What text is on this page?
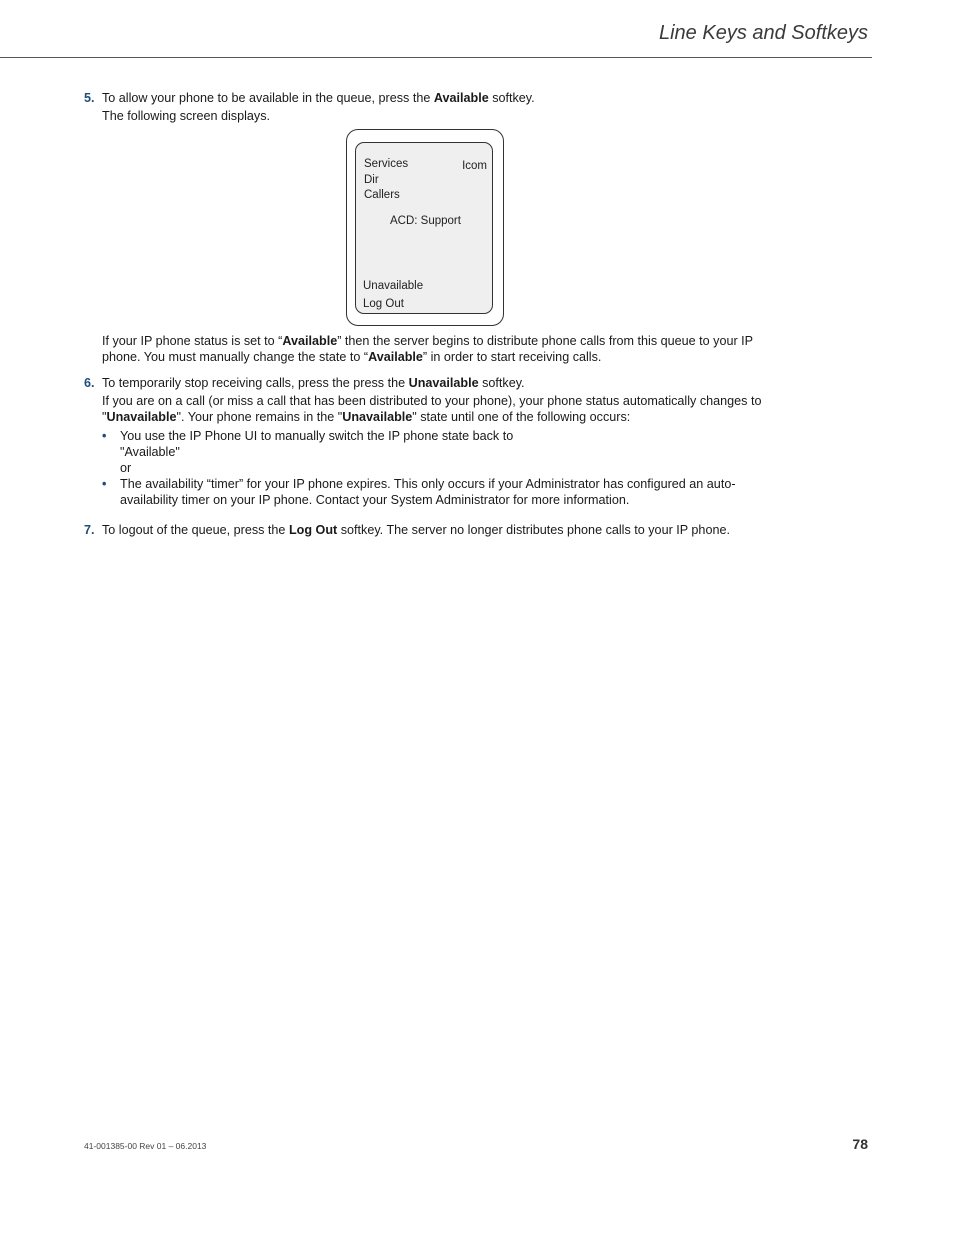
Line Keys and Softkeys
5. To allow your phone to be available in the queue, press the Available softkey.

The following screen displays.

Services
Dir
Callers
Icom
ACD: Support
Unavailable
Log Out

If your IP phone status is set to “Available” then the server begins to distribute phone calls from this queue to your IP phone. You must manually change the state to “Available” in order to start receiving calls.

6. To temporarily stop receiving calls, press the press the Unavailable softkey.

If you are on a call (or miss a call that has been distributed to your phone), your phone status automatically changes to "Unavailable". Your phone remains in the "Unavailable" state until one of the following occurs:

• You use the IP Phone UI to manually switch the IP phone state back to
"Available"
or
• The availability “timer” for your IP phone expires. This only occurs if your Administrator has configured an auto-availability timer on your IP phone. Contact your System Administrator for more information.
7. To logout of the queue, press the Log Out softkey. The server no longer distributes phone calls to your IP phone.

41-001385-00 Rev 01 – 06.2013	78
